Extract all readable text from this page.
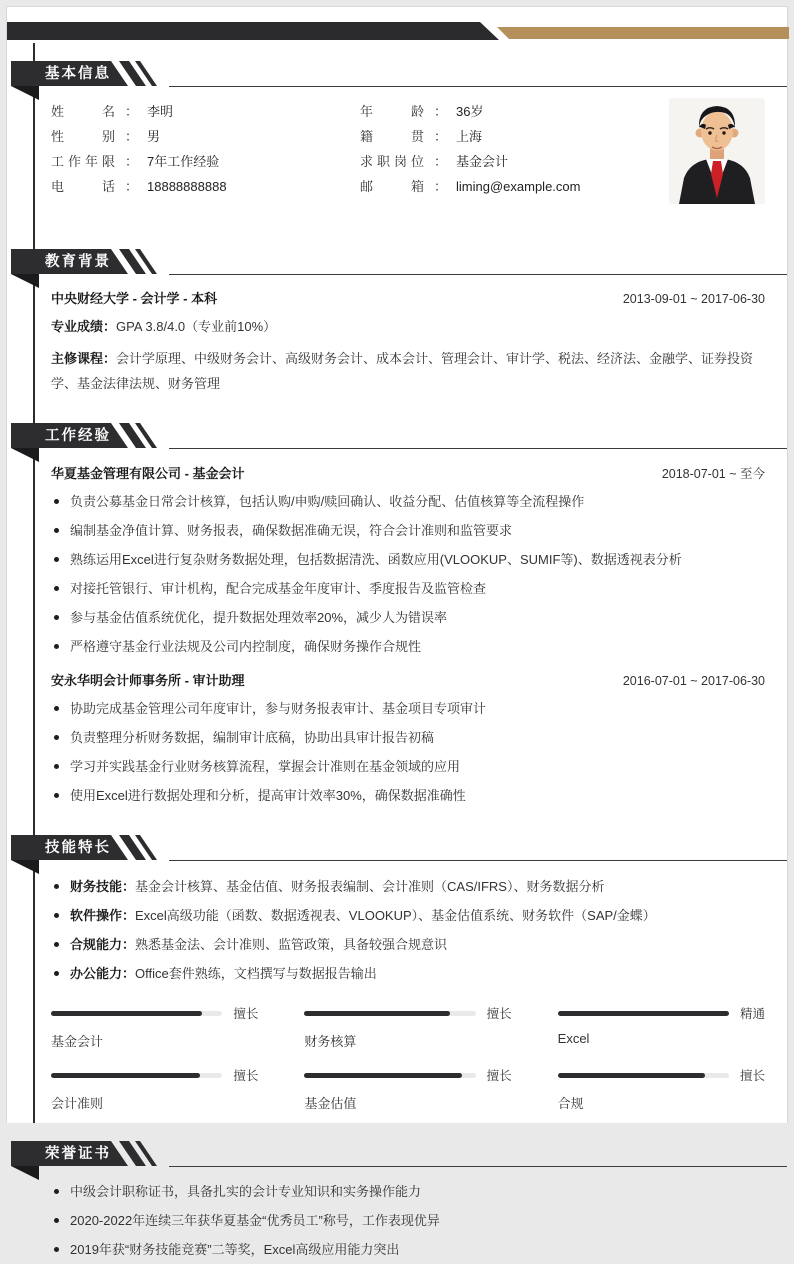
基本信息
姓名 ： 李明
性别 ： 男
工作年限 ： 7年工作经验
电话 ： 18888888888
年龄 ： 36岁
籍贯 ： 上海
求职岗位 ： 基金会计
邮箱 ： liming@example.com
教育背景
中央财经大学 - 会计学 - 本科	2013-09-01 ~ 2017-06-30

专业成绩：GPA 3.8/4.0（专业前10%）

主修课程：会计学原理、中级财务会计、高级财务会计、成本会计、管理会计、审计学、税法、经济法、金融学、证券投资学、基金法律法规、财务管理

工作经验
华夏基金管理有限公司 - 基金会计	2018-07-01 ~ 至今
负责公募基金日常会计核算，包括认购/申购/赎回确认、收益分配、估值核算等全流程操作
编制基金净值计算、财务报表，确保数据准确无误，符合会计准则和监管要求
熟练运用Excel进行复杂财务数据处理，包括数据清洗、函数应用(VLOOKUP、SUMIF等)、数据透视表分析
对接托管银行、审计机构，配合完成基金年度审计、季度报告及监管检查
参与基金估值系统优化，提升数据处理效率20%，减少人为错误率
严格遵守基金行业法规及公司内控制度，确保财务操作合规性
安永华明会计师事务所 - 审计助理	2016-07-01 ~ 2017-06-30
协助完成基金管理公司年度审计，参与财务报表审计、基金项目专项审计
负责整理分析财务数据，编制审计底稿，协助出具审计报告初稿
学习并实践基金行业财务核算流程，掌握会计准则在基金领域的应用
使用Excel进行数据处理和分析，提高审计效率30%，确保数据准确性
技能特长
财务技能：基金会计核算、基金估值、财务报表编制、会计准则（CAS/IFRS）、财务数据分析
软件操作：Excel高级功能（函数、数据透视表、VLOOKUP）、基金估值系统、财务软件（SAP/金蝶）
合规能力：熟悉基金法、会计准则、监管政策，具备较强合规意识
办公能力：Office套件熟练，文档撰写与数据报告输出
擅长
基金会计
擅长
财务核算
精通
Excel
擅长
会计准则
擅长
基金估值
擅长
合规
荣誉证书
中级会计职称证书，具备扎实的会计专业知识和实务操作能力
2020-2022年连续三年获华夏基金“优秀员工”称号，工作表现优异
2019年获“财务技能竞赛”二等奖，Excel高级应用能力突出
